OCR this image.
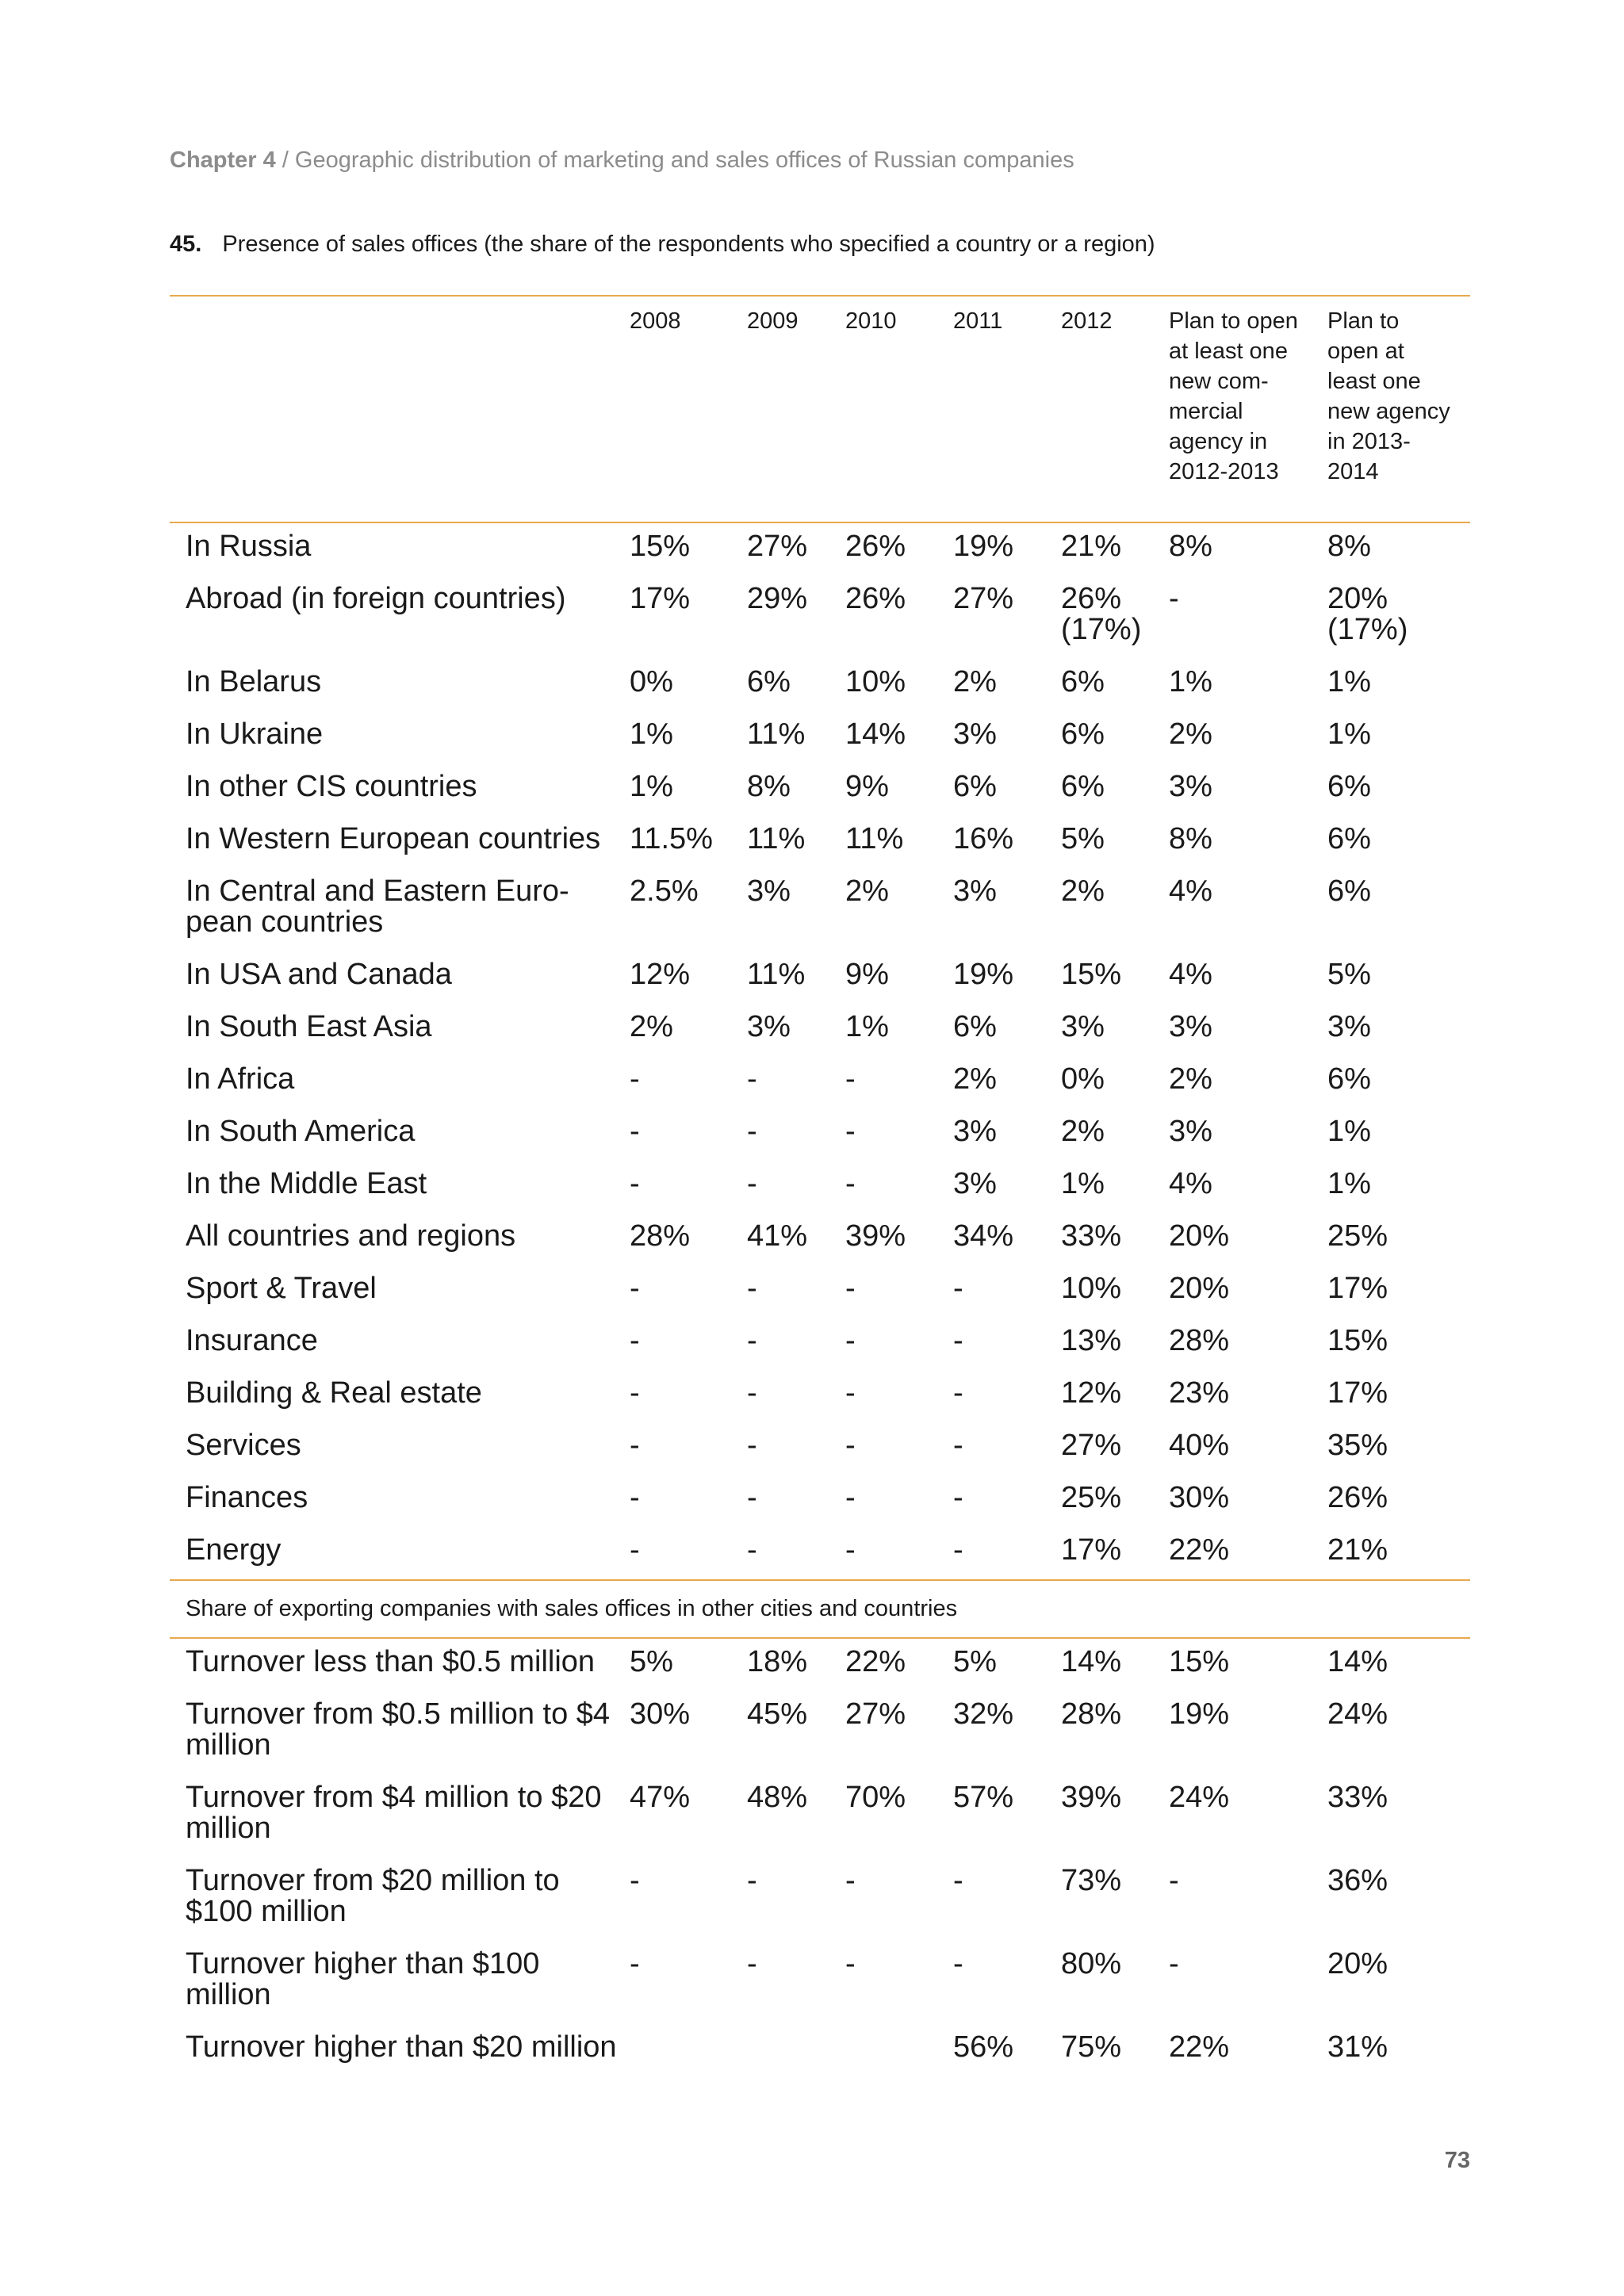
Chapter 4 / Geographic distribution of marketing and sales offices of Russian companies
45. Presence of sales offices (the share of the respondents who specified a country or a region)
	2008	2009	2010	2011	2012	Plan to open at least one new com-mercial agency in 2012-2013	Plan to open at least one new agency in 2013-2014
In Russia	15%	27%	26%	19%	21%	8%	8%
Abroad (in foreign countries)	17%	29%	26%	27%	26% (17%)	-	20% (17%)
In Belarus	0%	6%	10%	2%	6%	1%	1%
In Ukraine	1%	11%	14%	3%	6%	2%	1%
In other CIS countries	1%	8%	9%	6%	6%	3%	6%
In Western European countries	11.5%	11%	11%	16%	5%	8%	6%
In Central and Eastern Euro-pean countries	2.5%	3%	2%	3%	2%	4%	6%
In USA and Canada	12%	11%	9%	19%	15%	4%	5%
In South East Asia	2%	3%	1%	6%	3%	3%	3%
In Africa	-	-	-	2%	0%	2%	6%
In South America	-	-	-	3%	2%	3%	1%
In the Middle East	-	-	-	3%	1%	4%	1%
All countries and regions	28%	41%	39%	34%	33%	20%	25%
Sport & Travel	-	-	-	-	10%	20%	17%
Insurance	-	-	-	-	13%	28%	15%
Building & Real estate	-	-	-	-	12%	23%	17%
Services	-	-	-	-	27%	40%	35%
Finances	-	-	-	-	25%	30%	26%
Energy	-	-	-	-	17%	22%	21%
Share of exporting companies with sales offices in other cities and countries							
Turnover less than $0.5 million	5%	18%	22%	5%	14%	15%	14%
Turnover from $0.5 million to $4 million	30%	45%	27%	32%	28%	19%	24%
Turnover from $4 million to $20 million	47%	48%	70%	57%	39%	24%	33%
Turnover from $20 million to $100 million	-	-	-	-	73%	-	36%
Turnover higher than $100 million	-	-	-	-	80%	-	20%
Turnover higher than $20 million				56%	75%	22%	31%
73
